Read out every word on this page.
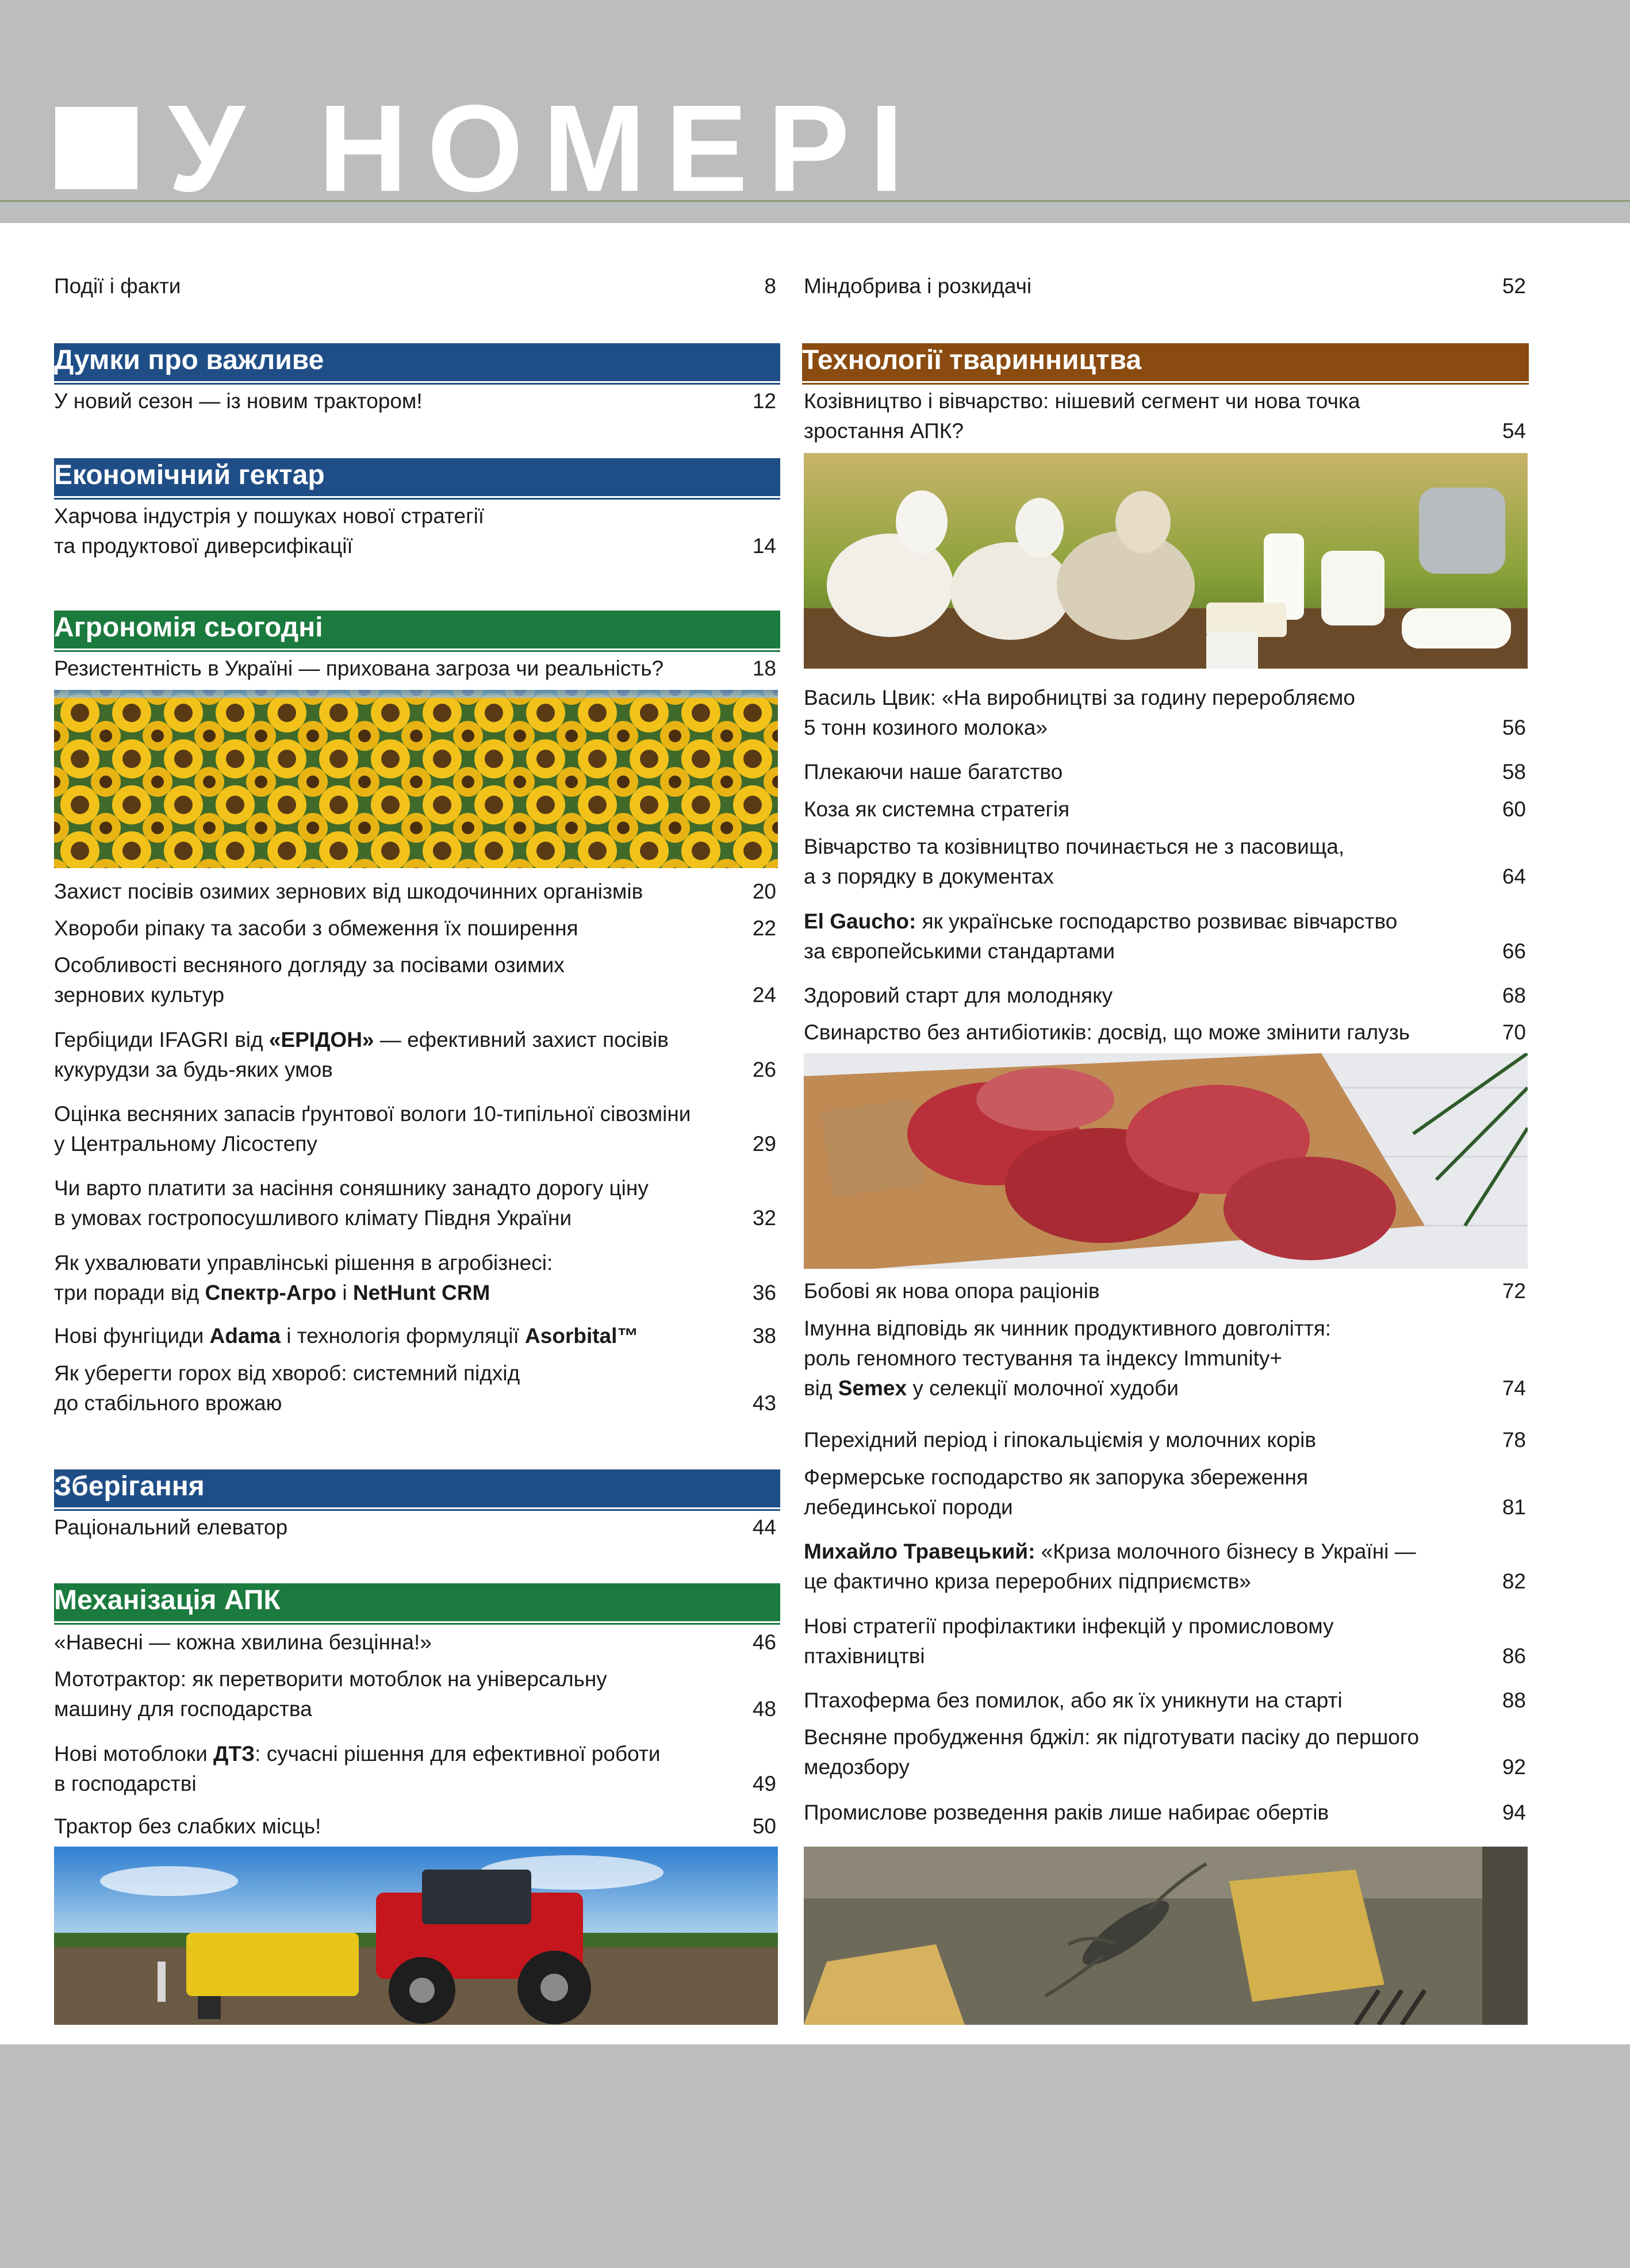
У НОМЕРІ
Події і факти	8
Думки про важливе
У новий сезон — із новим трактором!	12
Економічний гектар
Харчова індустрія у пошуках нової стратегії
та продуктової диверсифікації	14
Агрономія сьогодні
Резистентність в Україні — прихована загроза чи реальність?	18
Захист посівів озимих зернових від шкодочинних організмів	20
Хвороби ріпаку та засоби з обмеження їх поширення	22
Особливості весняного догляду за посівами озимих
зернових культур	24
Гербіциди IFAGRI від «ЕРІДОН» — ефективний захист посівів
кукурудзи за будь-яких умов	26
Оцінка весняних запасів ґрунтової вологи 10-типільної сівозміни
у Центральному Лісостепу	29
Чи варто платити за насіння соняшнику занадто дорогу ціну
в умовах гостропосушливого клімату Півдня України	32
Як ухвалювати управлінські рішення в агробізнесі:
три поради від Спектр-Агро і NetHunt CRM	36
Нові фунгіциди Adama і технологія формуляції Asorbital™	38
Як уберегти горох від хвороб: системний підхід
до стабільного врожаю	43
Зберігання
Раціональний елеватор	44
Механізація АПК
«Навесні — кожна хвилина безцінна!»	46
Мототрактор: як перетворити мотоблок на універсальну
машину для господарства	48
Нові мотоблоки ДТЗ: сучасні рішення для ефективної роботи
в господарстві	49
Трактор без слабких місць!	50
Міндобрива і розкидачі	52
Технології тваринництва
Козівництво і вівчарство: нішевий сегмент чи нова точка
зростання АПК?	54
Василь Цвик: «На виробництві за годину переробляємо
5 тонн козиного молока»	56
Плекаючи наше багатство	58
Коза як системна стратегія	60
Вівчарство та козівництво починається не з пасовища,
а з порядку в документах	64
El Gaucho: як українське господарство розвиває вівчарство
за європейськими стандартами	66
Здоровий старт для молодняку	68
Свинарство без антибіотиків: досвід, що може змінити галузь	70
Бобові як нова опора раціонів	72
Імунна відповідь як чинник продуктивного довголіття:
роль геномного тестування та індексу Immunity+
від Semex у селекції молочної худоби	74
Перехідний період і гіпокальціємія у молочних корів	78
Фермерське господарство як запорука збереження
лебединської породи	81
Михайло Травецький: «Криза молочного бізнесу в Україні —
це фактично криза переробних підприємств»	82
Нові стратегії профілактики інфекцій у промисловому
птахівництві	86
Птахоферма без помилок, або як їх уникнути на старті	88
Весняне пробудження бджіл: як підготувати пасіку до першого
медозбору	92
Промислове розведення раків лише набирає обертів	94
